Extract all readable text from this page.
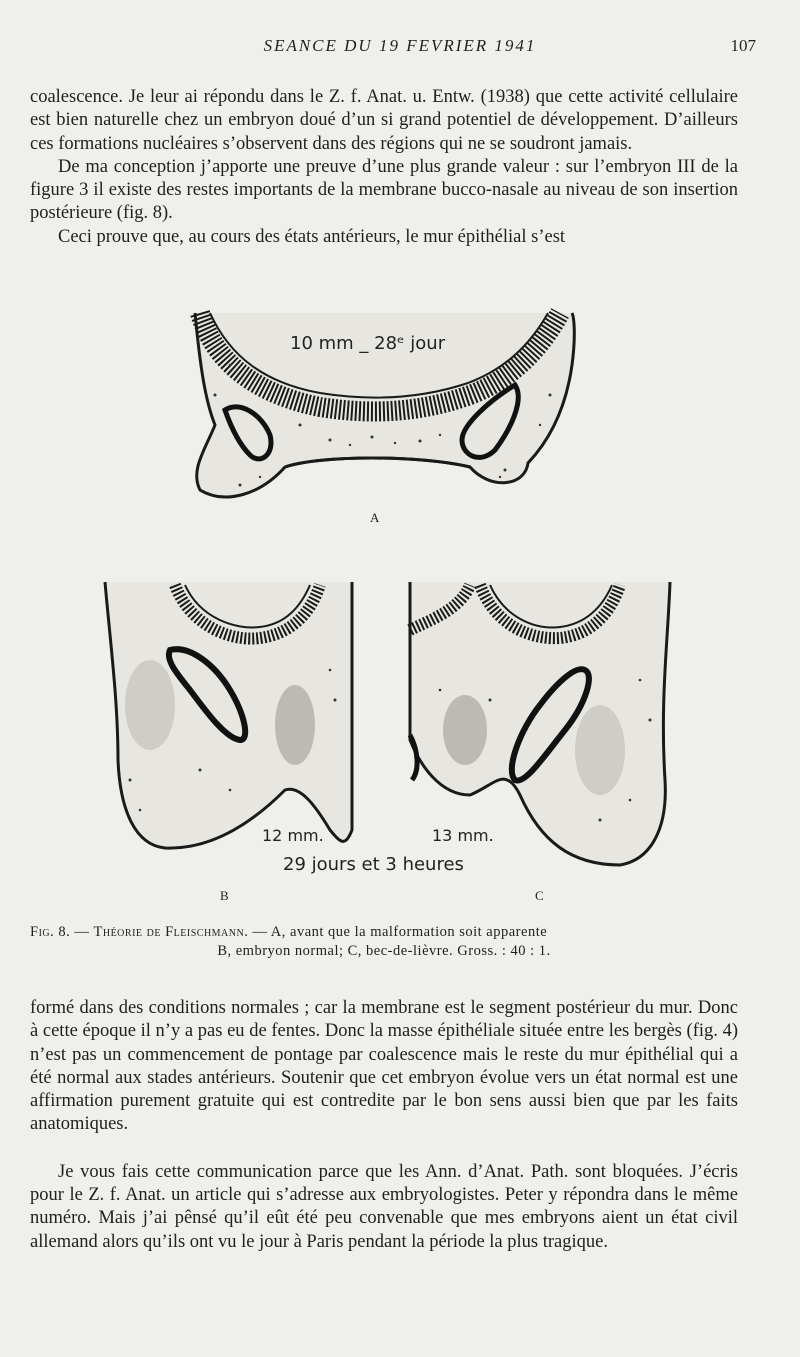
SEANCE DU 19 FEVRIER 1941	107

coalescence. Je leur ai répondu dans le Z. f. Anat. u. Entw. (1938) que cette activité cellulaire est bien naturelle chez un embryon doué d’un si grand potentiel de développement. D’ailleurs ces formations nucléaires s’observent dans des régions qui ne se soudront jamais.

De ma conception j’apporte une preuve d’une plus grande valeur : sur l’embryon III de la figure 3 il existe des restes importants de la membrane bucco-nasale au niveau de son insertion postérieure (fig. 8).

Ceci prouve que, au cours des états antérieurs, le mur épithélial s’est

10 mm _ 28ᵉ jour
A
12 mm.	13 mm.
29 jours et 3 heures
B	C
Fig. 8. — Théorie de Fleischmann. — A, avant que la malformation soit apparente
B, embryon normal; C, bec-de-lièvre. Gross. : 40 : 1.

formé dans des conditions normales ; car la membrane est le segment postérieur du mur. Donc à cette époque il n’y a pas eu de fentes. Donc la masse épithéliale située entre les bergès (fig. 4) n’est pas un commencement de pontage par coalescence mais le reste du mur épithélial qui a été normal aux stades antérieurs. Soutenir que cet embryon évolue vers un état normal est une affirmation purement gratuite qui est contredite par le bon sens aussi bien que par les faits anatomiques.

Je vous fais cette communication parce que les Ann. d’Anat. Path. sont bloquées. J’écris pour le Z. f. Anat. un article qui s’adresse aux embryologistes. Peter y répondra dans le même numéro. Mais j’ai pênsé qu’il eût été peu convenable que mes embryons aient un état civil allemand alors qu’ils ont vu le jour à Paris pendant la période la plus tragique.
